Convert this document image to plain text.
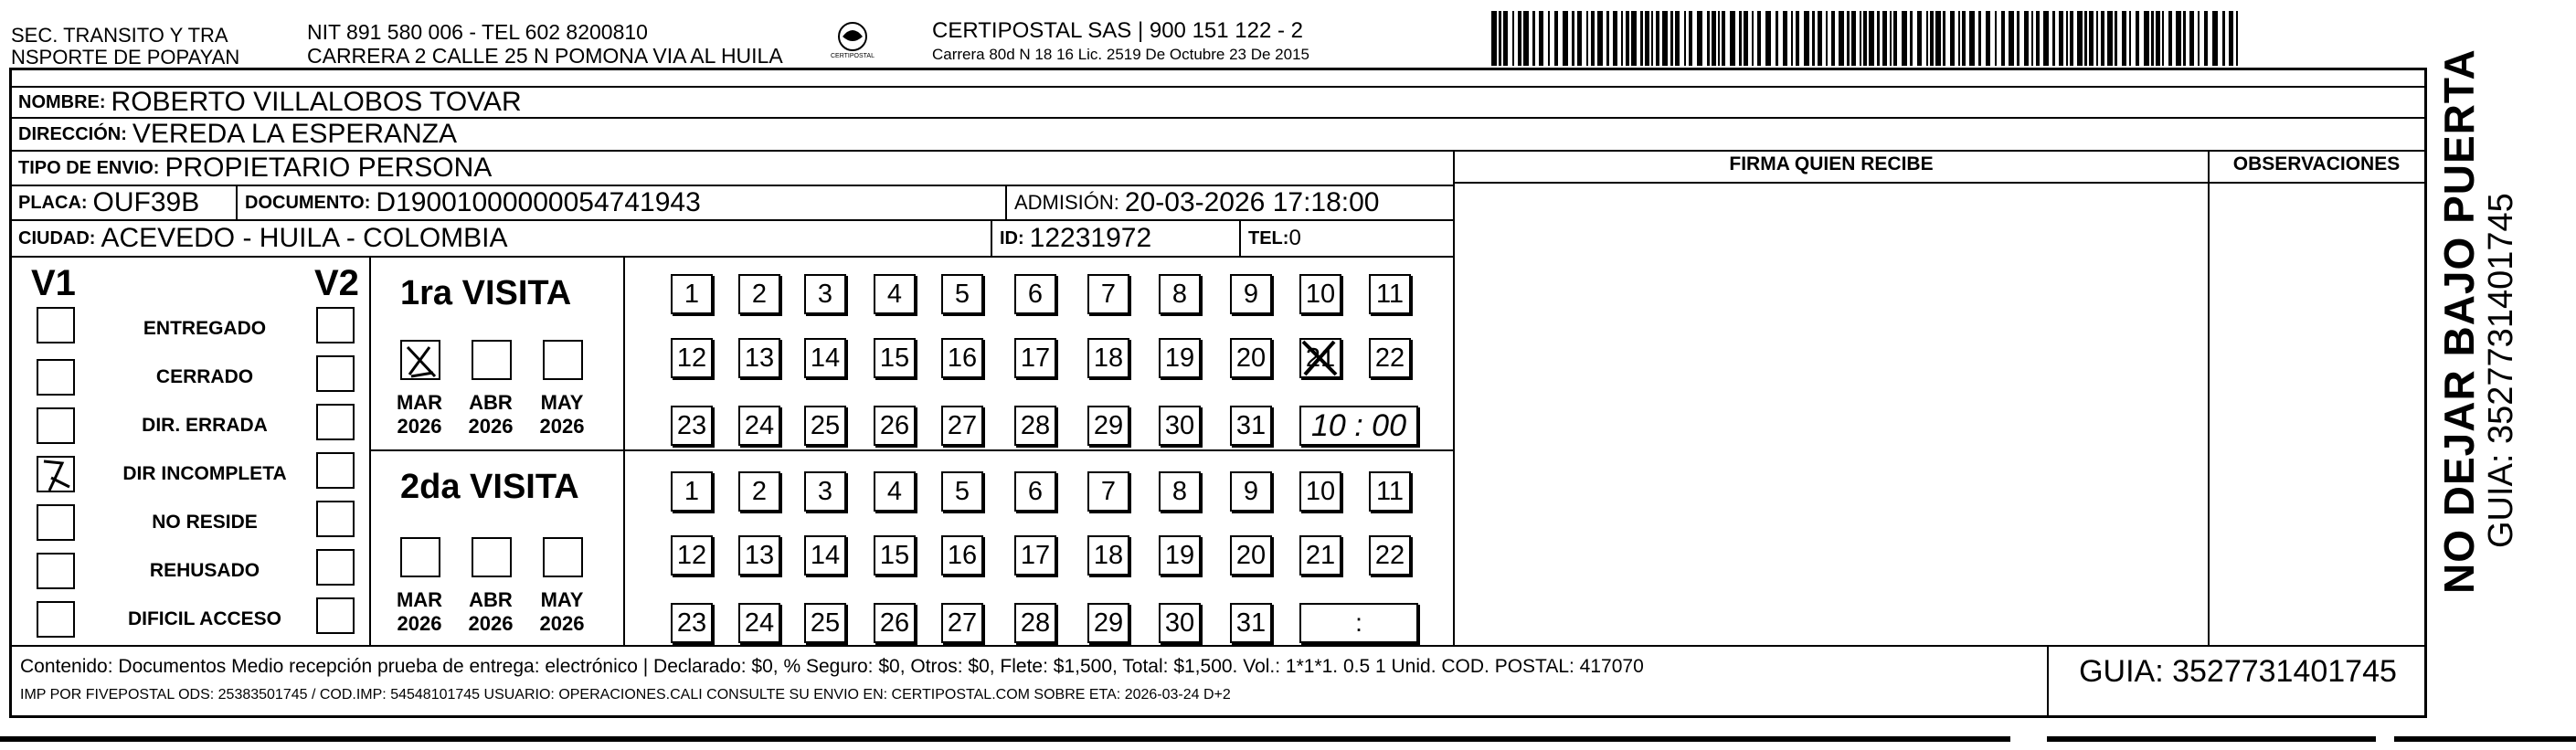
SEC. TRANSITO Y TRA
NSPORTE DE POPAYAN
NIT 891 580 006 - TEL 602 8200810
CARRERA 2 CALLE 25 N POMONA VIA AL HUILA	CERTIPOSTAL
CERTIPOSTAL SAS | 900 151 122 - 2
Carrera 80d N 18 16 Lic. 2519 De Octubre 23 De 2015
NOMBRE: ROBERTO VILLALOBOS TOVAR
DIRECCIÓN: VEREDA LA ESPERANZA
TIPO DE ENVIO: PROPIETARIO PERSONA
PLACA: OUF39B DOCUMENTO: D19001000000054741943	ADMISIÓN: 20-03-2026 17:18:00
CIUDAD: ACEVEDO - HUILA - COLOMBIA	ID: 12231972	TEL: 0
FIRMA QUIEN RECIBE	OBSERVACIONES
V1	V2
ENTREGADO
CERRADO
DIR. ERRADA
DIR INCOMPLETA
NO RESIDE
REHUSADO
DIFICIL ACCESO
1ra VISITA
2da VISITA
MAR
2026
ABR
2026
MAY
2026
1	2	3	4	5	6	7	8	9	10 11
12 13 14 15 16 17 18 19 20 21 22
23 24 25 26 27 28 29 30 31	10 : 00
MAR
2026
ABR
2026
MAY
2026
1	2	3	4	5	6	7	8	9	10 11
12 13 14 15 16 17 18 19 20 21 22
23 24 25 26 27 28 29 30 31	:
Contenido: Documentos Medio recepción prueba de entrega: electrónico | Declarado: $0, % Seguro: $0, Otros: $0, Flete: $1,500, Total: $1,500. Vol.: 1*1*1. 0.5 1 Unid. COD. POSTAL: 417070
IMP POR FIVEPOSTAL ODS: 25383501745 / COD.IMP: 54548101745 USUARIO: OPERACIONES.CALI CONSULTE SU ENVIO EN: CERTIPOSTAL.COM SOBRE ETA: 2026-03-24 D+2
GUIA: 3527731401745
NO DEJAR BAJO PUERTA GUIA: 3527731401745
